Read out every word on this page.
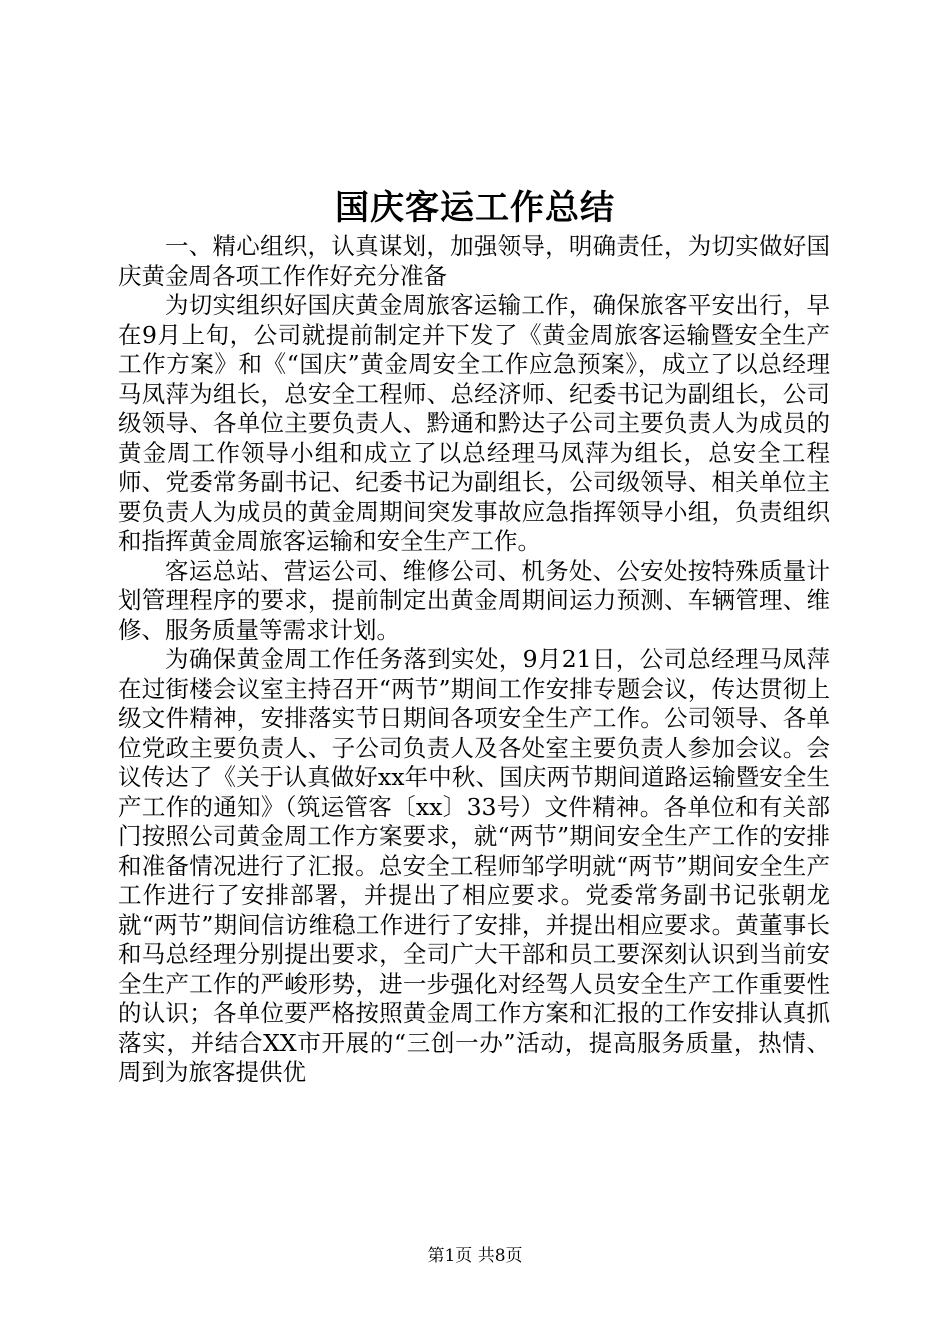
国庆客运工作总结

一、精心组织，认真谋划，加强领导，明确责任，为切实做好国庆黄金周各项工作作好充分准备

为切实组织好国庆黄金周旅客运输工作，确保旅客平安出行，早在9月上旬，公司就提前制定并下发了《黄金周旅客运输暨安全生产工作方案》和《“国庆”黄金周安全工作应急预案》，成立了以总经理马凤萍为组长，总安全工程师、总经济师、纪委书记为副组长，公司级领导、各单位主要负责人、黔通和黔达子公司主要负责人为成员的黄金周工作领导小组和成立了以总经理马凤萍为组长，总安全工程师、党委常务副书记、纪委书记为副组长，公司级领导、相关单位主要负责人为成员的黄金周期间突发事故应急指挥领导小组，负责组织和指挥黄金周旅客运输和安全生产工作。

客运总站、营运公司、维修公司、机务处、公安处按特殊质量计划管理程序的要求，提前制定出黄金周期间运力预测、车辆管理、维修、服务质量等需求计划。

为确保黄金周工作任务落到实处，9月21日，公司总经理马凤萍在过街楼会议室主持召开“两节”期间工作安排专题会议，传达贯彻上级文件精神，安排落实节日期间各项安全生产工作。公司领导、各单位党政主要负责人、子公司负责人及各处室主要负责人参加会议。会议传达了《关于认真做好xx年中秋、国庆两节期间道路运输暨安全生产工作的通知》（筑运管客〔xx〕33号）文件精神。各单位和有关部门按照公司黄金周工作方案要求，就“两节”期间安全生产工作的安排和准备情况进行了汇报。总安全工程师邹学明就“两节”期间安全生产工作进行了安排部署，并提出了相应要求。党委常务副书记张朝龙就“两节”期间信访维稳工作进行了安排，并提出相应要求。黄董事长和马总经理分别提出要求，全司广大干部和员工要深刻认识到当前安全生产工作的严峻形势，进一步强化对经驾人员安全生产工作重要性的认识；各单位要严格按照黄金周工作方案和汇报的工作安排认真抓落实，并结合XX市开展的“三创一办”活动，提高服务质量，热情、周到为旅客提供优

第1页 共8页
